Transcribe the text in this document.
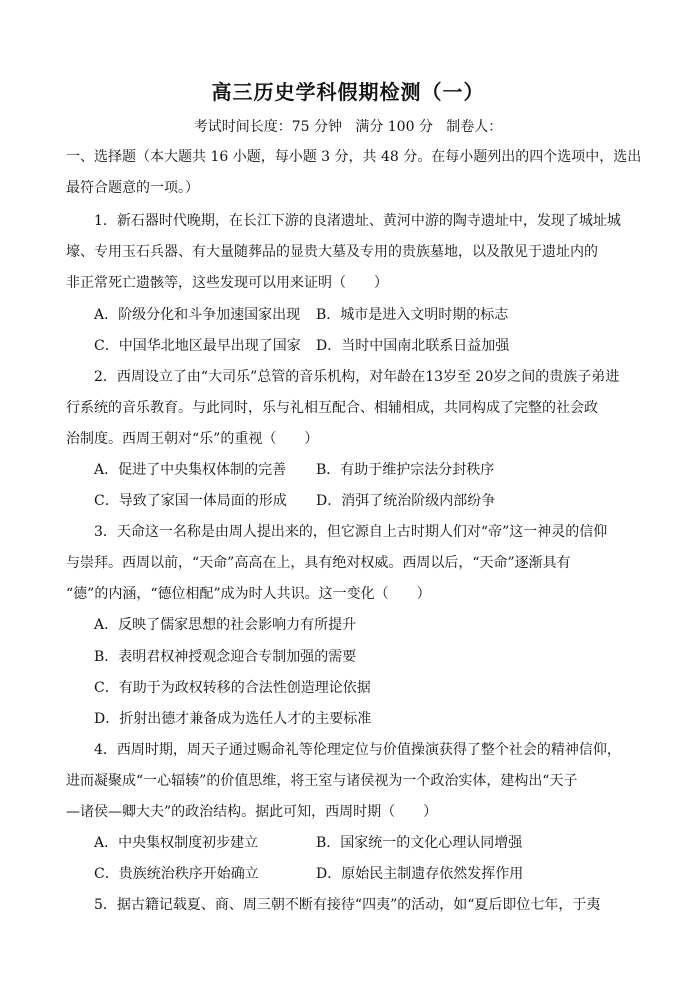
高三历史学科假期检测（一）
考试时间长度：75 分钟   满分 100 分   制卷人：
一、选择题（本大题共 16 小题，每小题 3 分，共 48 分。在每小题列出的四个选项中，选出
最符合题意的一项。）
1．新石器时代晚期，在长江下游的良渚遗址、黄河中游的陶寺遗址中，发现了城址城
壕、专用玉石兵器、有大量随葬品的显贵大墓及专用的贵族墓地，以及散见于遗址内的
非正常死亡遗骸等，这些发现可以用来证明（　　）
A．阶级分化和斗争加速国家出现 B．城市是进入文明时期的标志
C．中国华北地区最早出现了国家 D．当时中国南北联系日益加强
2．西周设立了由“大司乐”总管的音乐机构，对年龄在13岁至 20岁之间的贵族子弟进
行系统的音乐教育。与此同时，乐与礼相互配合、相辅相成，共同构成了完整的社会政
治制度。西周王朝对“乐”的重视（　　）
A．促进了中央集权体制的完善 B．有助于维护宗法分封秩序
C．导致了家国一体局面的形成 D．消弭了统治阶级内部纷争
3．天命这一名称是由周人提出来的，但它源自上古时期人们对“帝”这一神灵的信仰
与崇拜。西周以前，“天命”高高在上，具有绝对权威。西周以后，“天命”逐渐具有
“德”的内涵，“德位相配”成为时人共识。这一变化（　　）
A．反映了儒家思想的社会影响力有所提升
B．表明君权神授观念迎合专制加强的需要
C．有助于为政权转移的合法性创造理论依据
D．折射出德才兼备成为选任人才的主要标准
4．西周时期，周天子通过赐命礼等伦理定位与价值操演获得了整个社会的精神信仰，
进而凝聚成“一心辐辏”的价值思维，将王室与诸侯视为一个政治实体，建构出“天子
—诸侯—卿大夫”的政治结构。据此可知，西周时期（　　）
A．中央集权制度初步建立	B．国家统一的文化心理认同增强
C．贵族统治秩序开始确立	D．原始民主制遗存依然发挥作用
5．据古籍记载夏、商、周三朝不断有接待“四夷”的活动，如“夏后即位七年，于夷
